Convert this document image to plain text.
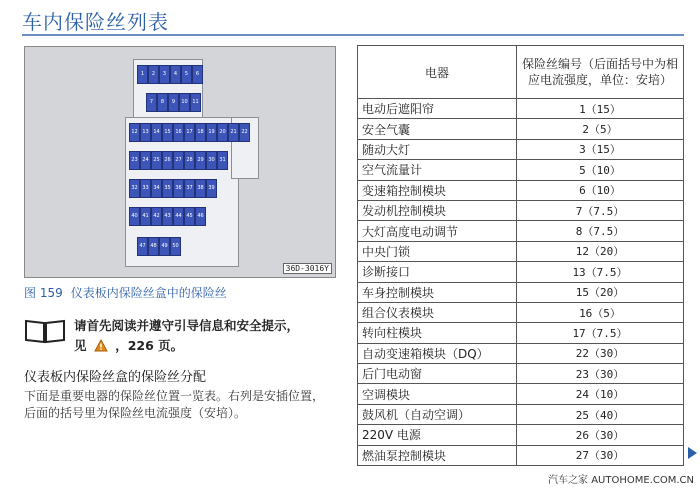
车内保险丝列表
1	2	3	4	5	6
7	8	9	10 11
12 13 14 15 16 17 18 19 20 21 22
23 24 25 26 27 28 29 30 31
32 33 34 35 36 37 38 39
40 41 42 43 44 45 46
47 48 49 50
36D-3016Y
图 159 仪表板内保险丝盒中的保险丝
请首先阅读并遵守引导信息和安全提示，
见 ，226 页。
仪表板内保险丝盒的保险丝分配
下面是重要电器的保险丝位置一览表。右列是安插位置，后面的括号里为保险丝电流强度（安培）。
电器	保险丝编号（后面括号中为相应电流强度，单位：安培）
电动后遮阳帘	1（15）
安全气囊	2（5）
随动大灯	3（15）
空气流量计	5（10）
变速箱控制模块	6（10）
发动机控制模块	7（7.5）
大灯高度电动调节	8（7.5）
中央门锁	12（20）
诊断接口	13（7.5）
车身控制模块	15（20）
组合仪表模块	16（5）
转向柱模块	17（7.5）
自动变速箱模块（DQ）	22（30）
后门电动窗	23（30）
空调模块	24（10）
鼓风机（自动空调）	25（40）
220V 电源	26（30）
燃油泵控制模块	27（30）
汽车之家 AUTOHOME.COM.CN
